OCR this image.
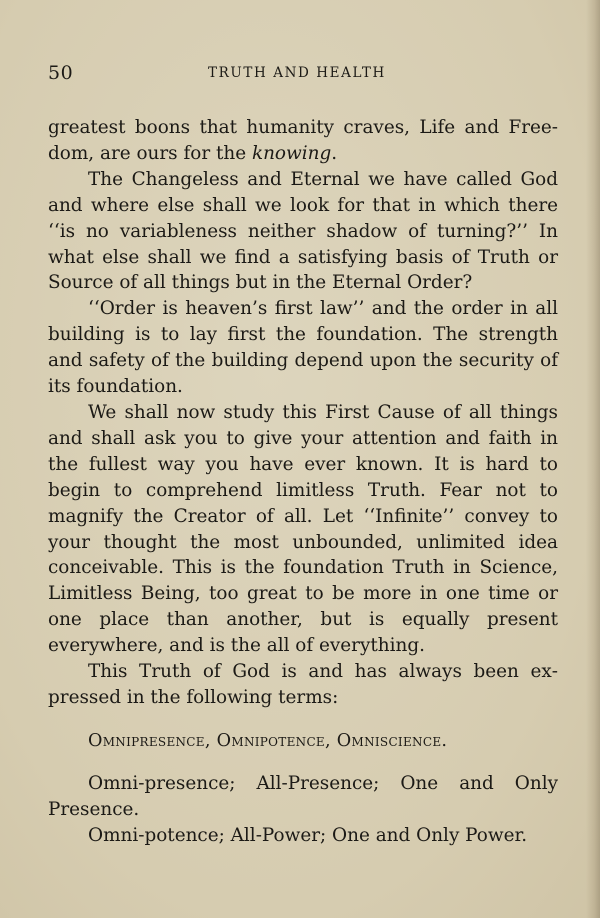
50	TRUTH AND HEALTH

greatest boons that humanity craves, Life and Freedom, are ours for the knowing.

The Changeless and Eternal we have called God and where else shall we look for that in which there ‘‘is no variableness neither shadow of turning?’’ In what else shall we find a satisfying basis of Truth or Source of all things but in the Eternal Order?

‘‘Order is heaven’s first law’’ and the order in all building is to lay first the foundation. The strength and safety of the building depend upon the security of its foundation.

We shall now study this First Cause of all things and shall ask you to give your attention and faith in the fullest way you have ever known. It is hard to begin to comprehend limitless Truth. Fear not to magnify the Creator of all. Let ‘‘Infinite’’ convey to your thought the most unbounded, unlimited idea conceivable. This is the foundation Truth in Science, Limitless Being, too great to be more in one time or one place than another, but is equally present everywhere, and is the all of everything.

This Truth of God is and has always been expressed in the following terms:

Omnipresence, Omnipotence, Omniscience.

Omni-presence; All-Presence; One and Only Presence.

Omni-potence; All-Power; One and Only Power.
